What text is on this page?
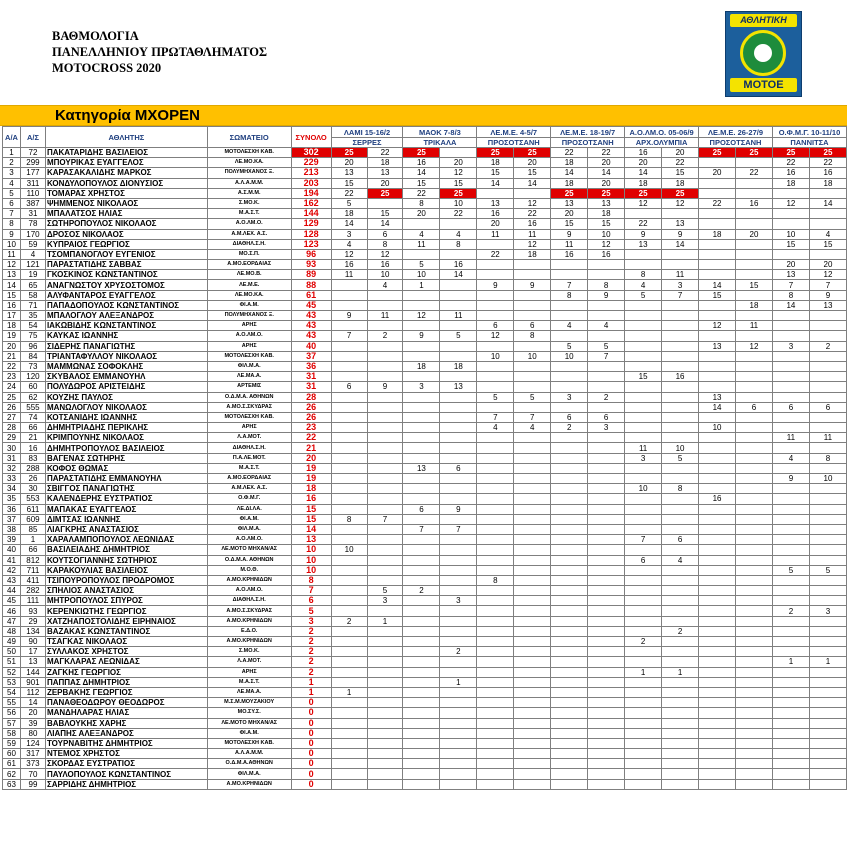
ΒΑΘΜΟΛΟΓΙΑ
ΠΑΝΕΛΛΗΝΙΟΥ ΠΡΩΤΑΘΛΗΜΑΤΟΣ
MOTOCROSS 2020
ΑΘΛΗΤΙΚΗ
ΜΟΤΟΕ
Κατηγορία MXOPEN
Α/Α	Α/Σ	ΑΘΛΗΤΗΣ	ΣΩΜΑΤΕΙΟ	ΣΥΝΟΛΟ	ΛΑΜΙ 15-16/2		ΜΑΟΚ 7-8/3		ΛΕ.Μ.Ε. 4-5/7		ΛΕ.Μ.Ε. 18-19/7		Α.Ο.ΛΜ.Ο. 05-06/9		ΛΕ.Μ.Ε. 26-27/9		Ο.Φ.Μ.Γ. 10-11/10	
					ΣΕΡΡΕΣ		ΤΡΙΚΑΛΑ		ΠΡΟΣΟΤΣΑΝΗ		ΠΡΟΣΟΤΣΑΝΗ		ΑΡΧ.ΟΛΥΜΠΙΑ		ΠΡΟΣΟΤΣΑΝΗ		ΠΑΝΝΙΤΣΑ	
1	72	ΠΑΚΑΤΑΡΙΔΗΣ ΒΑΣΙΛΕΙΟΣ	ΜΟΤΟΛΕΣΧΗ ΚΑΒ.	302	25	22	25		25	25	22	22	16	20	25	25	25	25
2	299	ΜΠΟΥΡΙΚΑΣ ΕΥΑΓΓΕΛΟΣ	ΛΕ.ΜΟ.ΚΑ.	229	20	18	16	20	18	20	18	20	20	22			22	22
3	177	ΚΑΡΑΣΑΚΑΛΙΔΗΣ ΜΑΡΚΟΣ	ΠΟΛΥΜΗΧΑΝΟΣ Ξ.	213	13	13	14	12	15	15	14	14	14	15	20	22	16	16
4	311	ΚΟΝΔΥΛΟΠΟΥΛΟΣ ΔΙΟΝΥΣΙΟΣ	Α.Λ.Α.Μ.Μ.	203	15	20	15	15	14	14	18	20	18	18			18	18
5	110	ΤΟΜΑΡΑΣ ΧΡΗΣΤΟΣ	Α.Σ.Μ.Μ.	194	22	25	22	25			25	25	25	25				
6	387	ΨΗΜΜΕΝΟΣ ΝΙΚΟΛΑΟΣ	Σ.ΜΟ.Κ.	162	5		8	10	13	12	13	13	12	12	22	16	12	14
7	31	ΜΠΑΛΑΤΣΟΣ ΗΛΙΑΣ	Μ.Α.Σ.Τ.	144	18	15	20	22	16	22	20	18						
8	78	ΣΩΤΗΡΟΠΟΥΛΟΣ ΝΙΚΟΛΑΟΣ	Α.Ο.ΛΜ.Ο.	129	14	14			20	16	15	15	22	13				
9	170	ΔΡΟΣΟΣ ΝΙΚΟΛΑΟΣ	Α.Μ.ΛΕΧ. Α.Σ.	128	3	6	4	4	11	11	9	10	9	9	18	20	10	4
10	59	ΚΥΠΡΑΙΟΣ ΓΕΩΡΓΙΟΣ	ΔΙΑΘΗΛ.Σ.Η.	123	4	8	11	8		12	11	12	13	14			15	15
11	4	ΤΣΟΜΠΑΝΟΓΛΟΥ ΕΥΓΕΝΙΟΣ	ΜΟ.Σ.Π.	96	12	12			22	18	16	16						
12	121	ΠΑΡΑΣΤΑΤΙΔΗΣ ΣΑΒΒΑΣ	Α.ΜΟ.ΕΟΡΔΑΙΑΣ	93	16	16	5	16									20	20
13	19	ΓΚΟΣΚΙΝΟΣ ΚΩΝΣΤΑΝΤΙΝΟΣ	ΛΕ.ΜΟ.Β.	89	11	10	10	14					8	11			13	12
14	65	ΑΝΑΓΝΩΣΤΟΥ ΧΡΥΣΟΣΤΟΜΟΣ	ΛΕ.Μ.Ε.	88		4	1		9	9	7	8	4	3	14	15	7	7
15	58	ΑΛΥΦΑΝΤΑΡΟΣ ΕΥΑΓΓΕΛΟΣ	ΛΕ.ΜΟ.ΚΑ.	61							8	9	5	7	15		8	9
16	71	ΠΑΠΑΔΟΠΟΥΛΟΣ ΚΩΝΣΤΑΝΤΙΝΟΣ	ΦΙ.Α.Μ.	45												18	14	13
17	35	ΜΠΑΛΟΓΛΟΥ ΑΛΕΞΑΝΔΡΟΣ	ΠΟΛΥΜΗΧΑΝΟΣ Ξ.	43	9	11	12	11										
18	54	ΙΑΚΩΒΙΔΗΣ ΚΩΝΣΤΑΝΤΙΝΟΣ	ΑΡΗΣ	43					6	6	4	4			12	11		
19	75	ΚΑΥΚΑΣ ΙΩΑΝΝΗΣ	Α.Ο.ΛΜ.Ο.	43	7	2	9	5	12	8								
20	96	ΣΙΔΕΡΗΣ ΠΑΝΑΓΙΩΤΗΣ	ΑΡΗΣ	40							5	5			13	12	3	2
21	84	ΤΡΙΑΝΤΑΦΥΛΛΟΥ ΝΙΚΟΛΑΟΣ	ΜΟΤΟΛΕΣΧΗ ΚΑΒ.	37					10	10	10	7						
22	73	ΜΑΜΜΩΝΑΣ ΣΟΦΟΚΛΗΣ	ΦΙΛ.Μ.Α.	36			18	18										
23	120	ΣΚΥΒΑΛΟΣ ΕΜΜΑΝΟΥΗΛ	ΛΕ.ΜΑ.Α.	31									15	16				
24	60	ΠΟΛΥΔΩΡΟΣ ΑΡΙΣΤΕΙΔΗΣ	ΑΡΤΕΜΙΣ	31	6	9	3	13										
25	62	ΚΟΥΖΗΣ ΠΑΥΛΟΣ	Ο.Δ.Μ.Α. ΑΘΗΝΩΝ	28					5	5	3	2			13			
26	555	ΜΑΝΩΛΟΓΛΟΥ ΝΙΚΟΛΑΟΣ	Α.ΜΟ.Σ.ΣΚΥΔΡΑΣ	26											14	6	6	6
27	74	ΚΟΤΣΑΝΙΔΗΣ ΙΩΑΝΝΗΣ	ΜΟΤΟΛΕΣΧΗ ΚΑΒ.	26					7	7	6	6						
28	66	ΔΗΜΗΤΡΙΑΔΗΣ ΠΕΡΙΚΛΗΣ	ΑΡΗΣ	23					4	4	2	3			10			
29	21	ΚΡΙΜΠΟΥΝΗΣ ΝΙΚΟΛΑΟΣ	Λ.Α.ΜΟΤ.	22													11	11
30	16	ΔΗΜΗΤΡΟΠΟΥΛΟΣ ΒΑΣΙΛΕΙΟΣ	ΔΙΑΘΗΛ.Σ.Η.	21									11	10				
31	83	ΒΑΓΕΝΑΣ ΣΩΤΗΡΗΣ	Π.Α.ΛΕ.ΜΟΤ.	20									3	5			4	8
32	288	ΚΟΦΟΣ ΘΩΜΑΣ	Μ.Α.Σ.Τ.	19			13	6										
33	26	ΠΑΡΑΣΤΑΤΙΔΗΣ ΕΜΜΑΝΟΥΗΛ	Α.ΜΟ.ΕΟΡΔΑΙΑΣ	19													9	10
34	30	ΣΒΙΓΓΟΣ ΠΑΝΑΓΙΩΤΗΣ	Α.Μ.ΛΕΧ. Α.Σ.	18									10	8				
35	553	ΚΑΛΕΝΔΕΡΗΣ ΕΥΣΤΡΑΤΙΟΣ	Ο.Φ.Μ.Γ.	16											16			
36	611	ΜΑΠΑΚΑΣ ΕΥΑΓΓΕΛΟΣ	ΛΕ.ΔΙ.ΛΑ.	15			6	9										
37	609	ΔΙΜΤΣΑΣ ΙΩΑΝΝΗΣ	ΦΙ.Α.Μ.	15	8	7												
38	85	ΛΙΑΓΚΡΗΣ ΑΝΑΣΤΑΣΙΟΣ	ΦΙΛ.Μ.Α.	14			7	7										
39	1	ΧΑΡΑΛΑΜΠΟΠΟΥΛΟΣ ΛΕΩΝΙΔΑΣ	Α.Ο.ΛΜ.Ο.	13									7	6				
40	66	ΒΑΣΙΛΕΙΑΔΗΣ ΔΗΜΗΤΡΙΟΣ	ΛΕ.ΜΟΤΟ ΜΗΧΑΝ/ΑΣ	10	10													
41	812	ΚΟΥΤΣΟΓΙΑΝΝΗΣ ΣΩΤΗΡΙΟΣ	Ο.Δ.Μ.Α. ΑΘΗΝΩΝ	10									6	4				
42	711	ΚΑΡΑΚΟΥΛΙΑΣ ΒΑΣΙΛΕΙΟΣ	Μ.Ο.Θ.	10													5	5
43	411	ΤΣΙΠΟΥΡΟΠΟΥΛΟΣ ΠΡΟΔΡΟΜΟΣ	Α.ΜΟ.ΚΡΗΝΙΔΩΝ	8					8									
44	282	ΣΠΗΛΙΟΣ ΑΝΑΣΤΑΣΙΟΣ	Α.Ο.ΛΜ.Ο.	7		5	2											
45	111	ΜΗΤΡΟΠΟΥΛΟΣ ΣΠΥΡΟΣ	ΔΙΑΘΗΛ.Σ.Η.	6		3		3										
46	93	ΚΕΡΕΝΚΙΩΤΗΣ ΓΕΩΡΓΙΟΣ	Α.ΜΟ.Σ.ΣΚΥΔΡΑΣ	5													2	3
47	29	ΧΑΤΖΗΑΠΟΣΤΟΛΙΔΗΣ ΕΙΡΗΝΑΙΟΣ	Α.ΜΟ.ΚΡΗΝΙΔΩΝ	3	2	1												
48	134	ΒΑΖΑΚΑΣ ΚΩΝΣΤΑΝΤΙΝΟΣ	Ε.Δ.Ο.	2										2				
49	90	ΤΣΑΓΚΑΣ ΝΙΚΟΛΑΟΣ	Α.ΜΟ.ΚΡΗΝΙΔΩΝ	2									2					
50	17	ΣΥΛΛΑΚΟΣ ΧΡΗΣΤΟΣ	Σ.ΜΟ.Κ.	2				2										
51	13	ΜΑΓΚΛΑΡΑΣ ΛΕΩΝΙΔΑΣ	Λ.Α.ΜΟΤ.	2													1	1
52	144	ΖΑΓΚΗΣ ΓΕΩΡΓΙΟΣ	ΑΡΗΣ	2									1	1				
53	901	ΠΑΠΠΑΣ ΔΗΜΗΤΡΙΟΣ	Μ.Α.Σ.Τ.	1				1										
54	112	ΖΕΡΒΑΚΗΣ ΓΕΩΡΓΙΟΣ	ΛΕ.ΜΑ.Α.	1	1													
55	14	ΠΑΝΑΘΕΟΔΩΡΟΥ ΘΕΟΔΩΡΟΣ	Μ.Σ.Μ.ΜΟΥΖΑΚΙΟΥ	0														
56	20	ΜΑΝΔΗΛΑΡΑΣ ΗΛΙΑΣ	ΜΟ.ΣΥ.Σ.	0														
57	39	ΒΑΒΛΟΥΚΗΣ ΧΑΡΗΣ	ΛΕ.ΜΟΤΟ ΜΗΧΑΝ/ΑΣ	0														
58	80	ΛΙΑΠΗΣ ΑΛΕΞΑΝΔΡΟΣ	ΦΙ.Α.Μ.	0														
59	124	ΤΟΥΡΝΑΒΙΤΗΣ ΔΗΜΗΤΡΙΟΣ	ΜΟΤΟΛΕΣΧΗ ΚΑΒ.	0														
60	317	ΝΤΕΜΟΣ ΧΡΗΣΤΟΣ	Α.Λ.Α.Μ.Μ.	0														
61	373	ΣΚΟΡΔΑΣ ΕΥΣΤΡΑΤΙΟΣ	Ο.Δ.Μ.Α.ΑΘΗΝΩΝ	0														
62	70	ΠΑΥΛΟΠΟΥΛΟΣ ΚΩΝΣΤΑΝΤΙΝΟΣ	ΦΙΛ.Μ.Α.	0														
63	99	ΣΑΡΡΙΔΗΣ ΔΗΜΗΤΡΙΟΣ	Α.ΜΟ.ΚΡΗΝΙΔΩΝ	0														
